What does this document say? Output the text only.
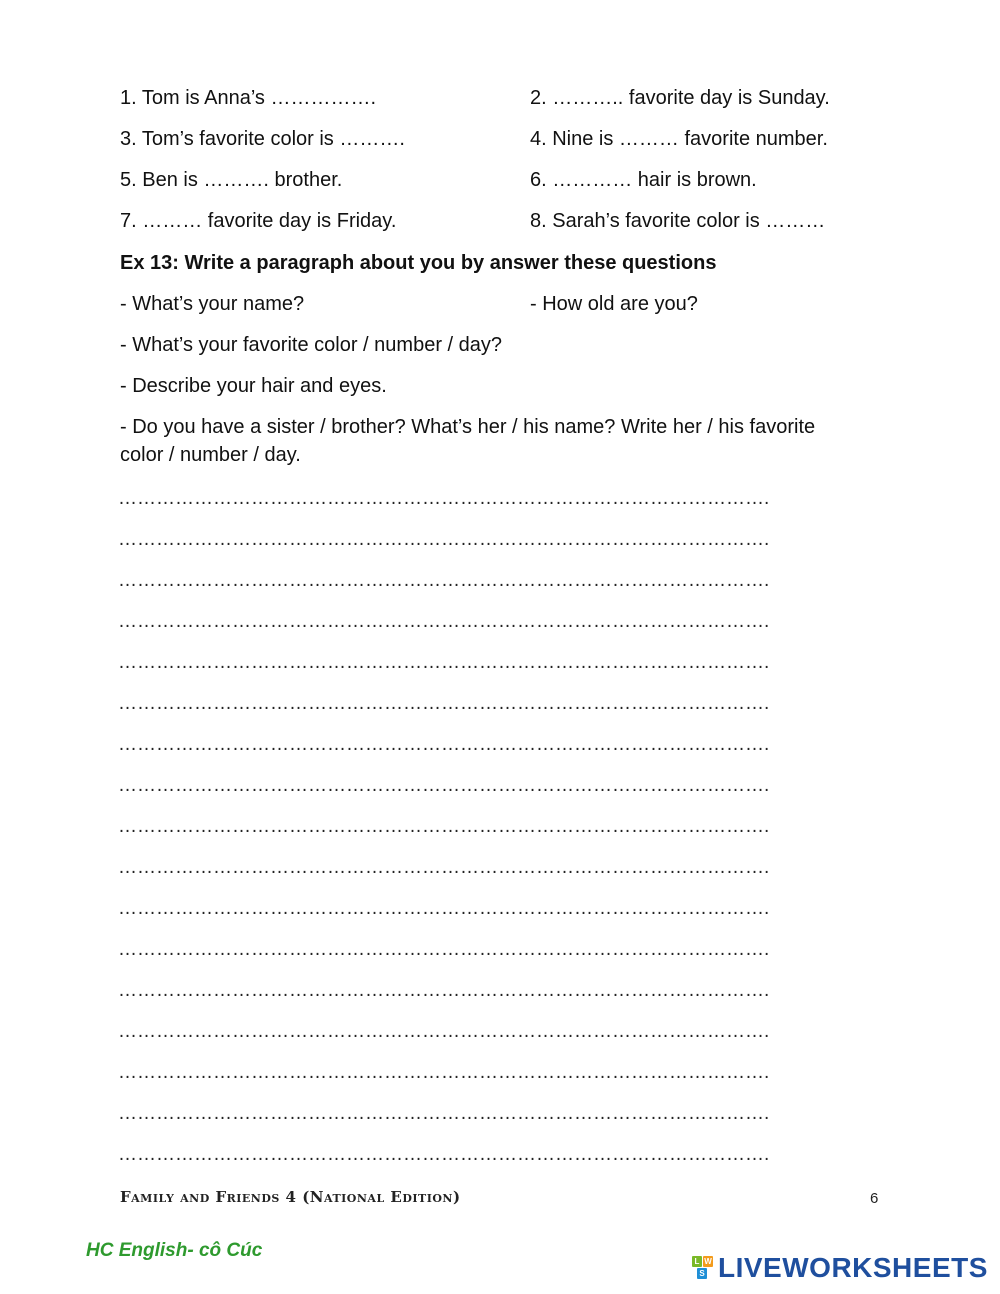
1. Tom is Anna’s …………….	2. ……….. favorite day is Sunday.
3. Tom’s favorite color is ……….	4. Nine is ……… favorite number.
5. Ben is ………. brother.	6. ………… hair is brown.
7. ……… favorite day is Friday.	8. Sarah’s favorite color is ………
Ex 13: Write a paragraph about you by answer these questions
- What’s your name?	- How old are you?
- What’s your favorite color / number / day?
- Describe your hair and eyes.
- Do you have a sister / brother? What’s her / his name? Write her / his favorite color / number / day.
………………………………………………………………………………………….
………………………………………………………………………………………….
………………………………………………………………………………………….
………………………………………………………………………………………….
………………………………………………………………………………………….
………………………………………………………………………………………….
………………………………………………………………………………………….
………………………………………………………………………………………….
………………………………………………………………………………………….
………………………………………………………………………………………….
………………………………………………………………………………………….
………………………………………………………………………………………….
………………………………………………………………………………………….
………………………………………………………………………………………….
………………………………………………………………………………………….
………………………………………………………………………………………….
………………………………………………………………………………………….
Family and Friends 4 (National Edition)	6
HC English- cô Cúc
L W
S LIVEWORKSHEETS
